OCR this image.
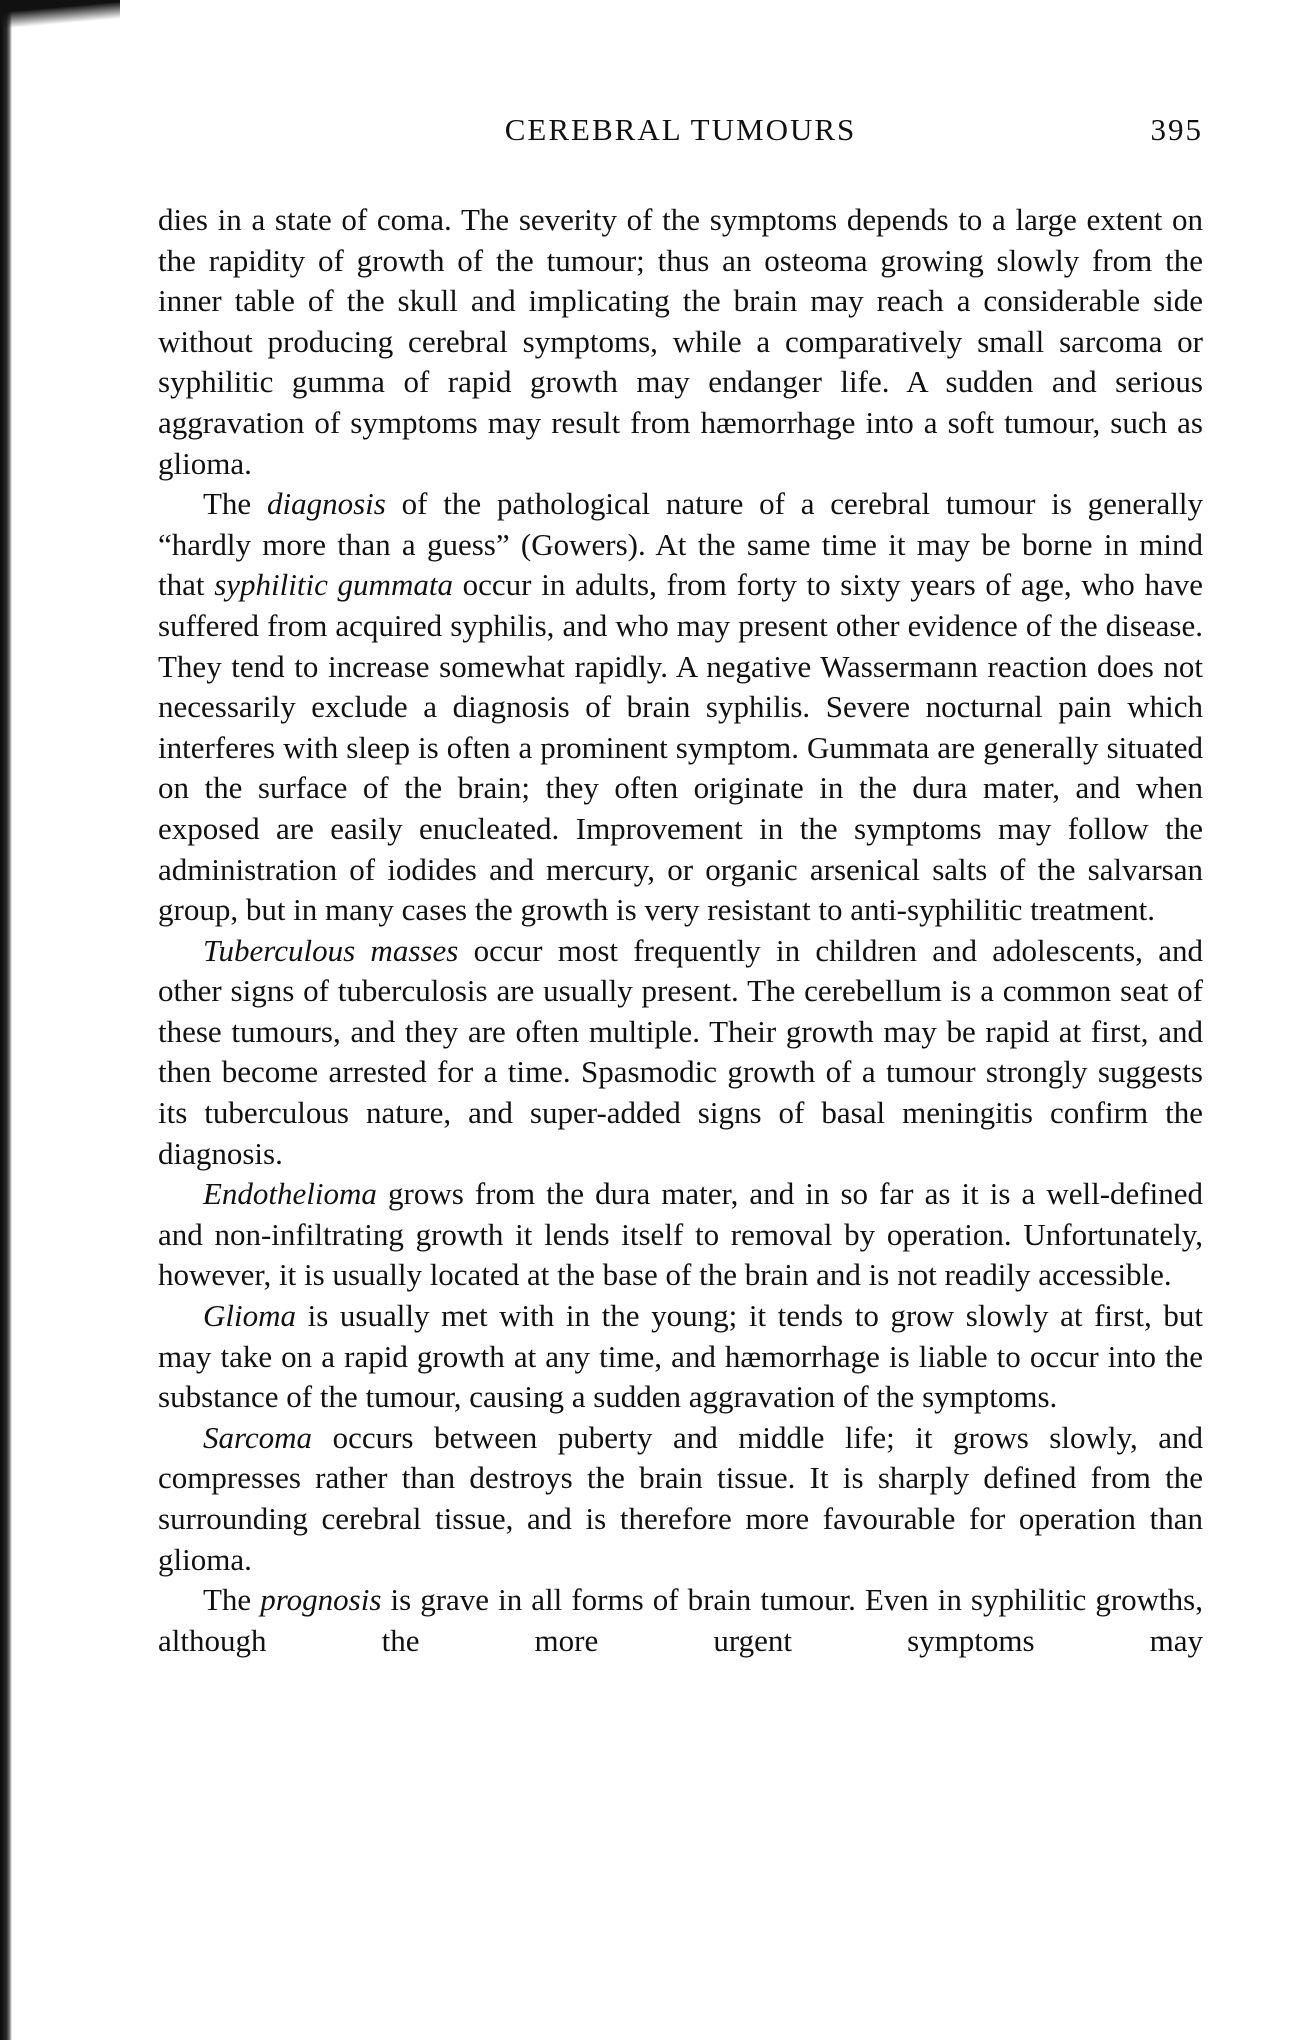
CEREBRAL TUMOURS	395

dies in a state of coma. The severity of the symptoms depends to a large extent on the rapidity of growth of the tumour; thus an osteoma growing slowly from the inner table of the skull and implicating the brain may reach a considerable side without producing cerebral symptoms, while a comparatively small sarcoma or syphilitic gumma of rapid growth may endanger life. A sudden and serious aggravation of symptoms may result from hæmorrhage into a soft tumour, such as glioma.

The diagnosis of the pathological nature of a cerebral tumour is generally “hardly more than a guess” (Gowers). At the same time it may be borne in mind that syphilitic gummata occur in adults, from forty to sixty years of age, who have suffered from acquired syphilis, and who may present other evidence of the disease. They tend to increase somewhat rapidly. A negative Wassermann reaction does not necessarily exclude a diagnosis of brain syphilis. Severe nocturnal pain which interferes with sleep is often a prominent symptom. Gummata are generally situated on the surface of the brain; they often originate in the dura mater, and when exposed are easily enucleated. Improvement in the symptoms may follow the administration of iodides and mercury, or organic arsenical salts of the salvarsan group, but in many cases the growth is very resistant to anti-syphilitic treatment.

Tuberculous masses occur most frequently in children and adolescents, and other signs of tuberculosis are usually present. The cerebellum is a common seat of these tumours, and they are often multiple. Their growth may be rapid at first, and then become arrested for a time. Spasmodic growth of a tumour strongly suggests its tuberculous nature, and super-added signs of basal meningitis confirm the diagnosis.

Endothelioma grows from the dura mater, and in so far as it is a well-defined and non-infiltrating growth it lends itself to removal by operation. Unfortunately, however, it is usually located at the base of the brain and is not readily accessible.

Glioma is usually met with in the young; it tends to grow slowly at first, but may take on a rapid growth at any time, and hæmorrhage is liable to occur into the substance of the tumour, causing a sudden aggravation of the symptoms.

Sarcoma occurs between puberty and middle life; it grows slowly, and compresses rather than destroys the brain tissue. It is sharply defined from the surrounding cerebral tissue, and is therefore more favourable for operation than glioma.

The prognosis is grave in all forms of brain tumour. Even in syphilitic growths, although the more urgent symptoms may
